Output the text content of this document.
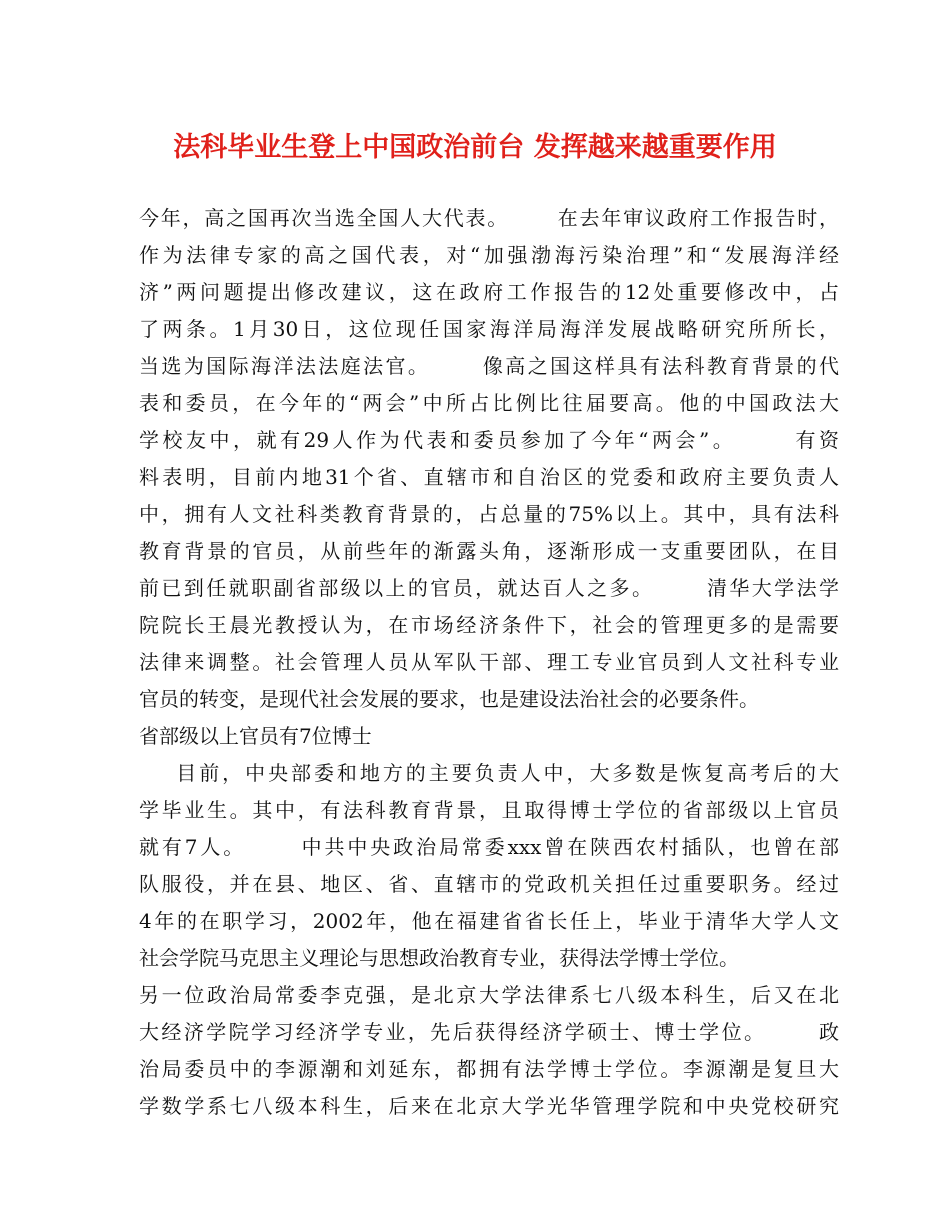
法科毕业生登上中国政治前台 发挥越来越重要作用
今年，高之国再次当选全国人大代表。      在去年审议政府工作报告时，
作为法律专家的高之国代表，对“加强渤海污染治理”和“发展海洋经
济”两问题提出修改建议，这在政府工作报告的12处重要修改中，占
了两条。1月30日，这位现任国家海洋局海洋发展战略研究所所长，
当选为国际海洋法法庭法官。      像高之国这样具有法科教育背景的代
表和委员，在今年的“两会”中所占比例比往届要高。他的中国政法大
学校友中，就有29人作为代表和委员参加了今年“两会”。      有资
料表明，目前内地31个省、直辖市和自治区的党委和政府主要负责人
中，拥有人文社科类教育背景的，占总量的75%以上。其中，具有法科
教育背景的官员，从前些年的渐露头角，逐渐形成一支重要团队，在目
前已到任就职副省部级以上的官员，就达百人之多。      清华大学法学
院院长王晨光教授认为，在市场经济条件下，社会的管理更多的是需要
法律来调整。社会管理人员从军队干部、理工专业官员到人文社科专业
官员的转变，是现代社会发展的要求，也是建设法治社会的必要条件。
省部级以上官员有7位博士
目前，中央部委和地方的主要负责人中，大多数是恢复高考后的大
学毕业生。其中，有法科教育背景，且取得博士学位的省部级以上官员
就有7人。      中共中央政治局常委xxx曾在陕西农村插队，也曾在部
队服役，并在县、地区、省、直辖市的党政机关担任过重要职务。经过
4年的在职学习，2002年，他在福建省省长任上，毕业于清华大学人文
社会学院马克思主义理论与思想政治教育专业，获得法学博士学位。
另一位政治局常委李克强，是北京大学法律系七八级本科生，后又在北
大经济学院学习经济学专业，先后获得经济学硕士、博士学位。      政
治局委员中的李源潮和刘延东，都拥有法学博士学位。李源潮是复旦大
学数学系七八级本科生，后来在北京大学光华管理学院和中央党校研究
